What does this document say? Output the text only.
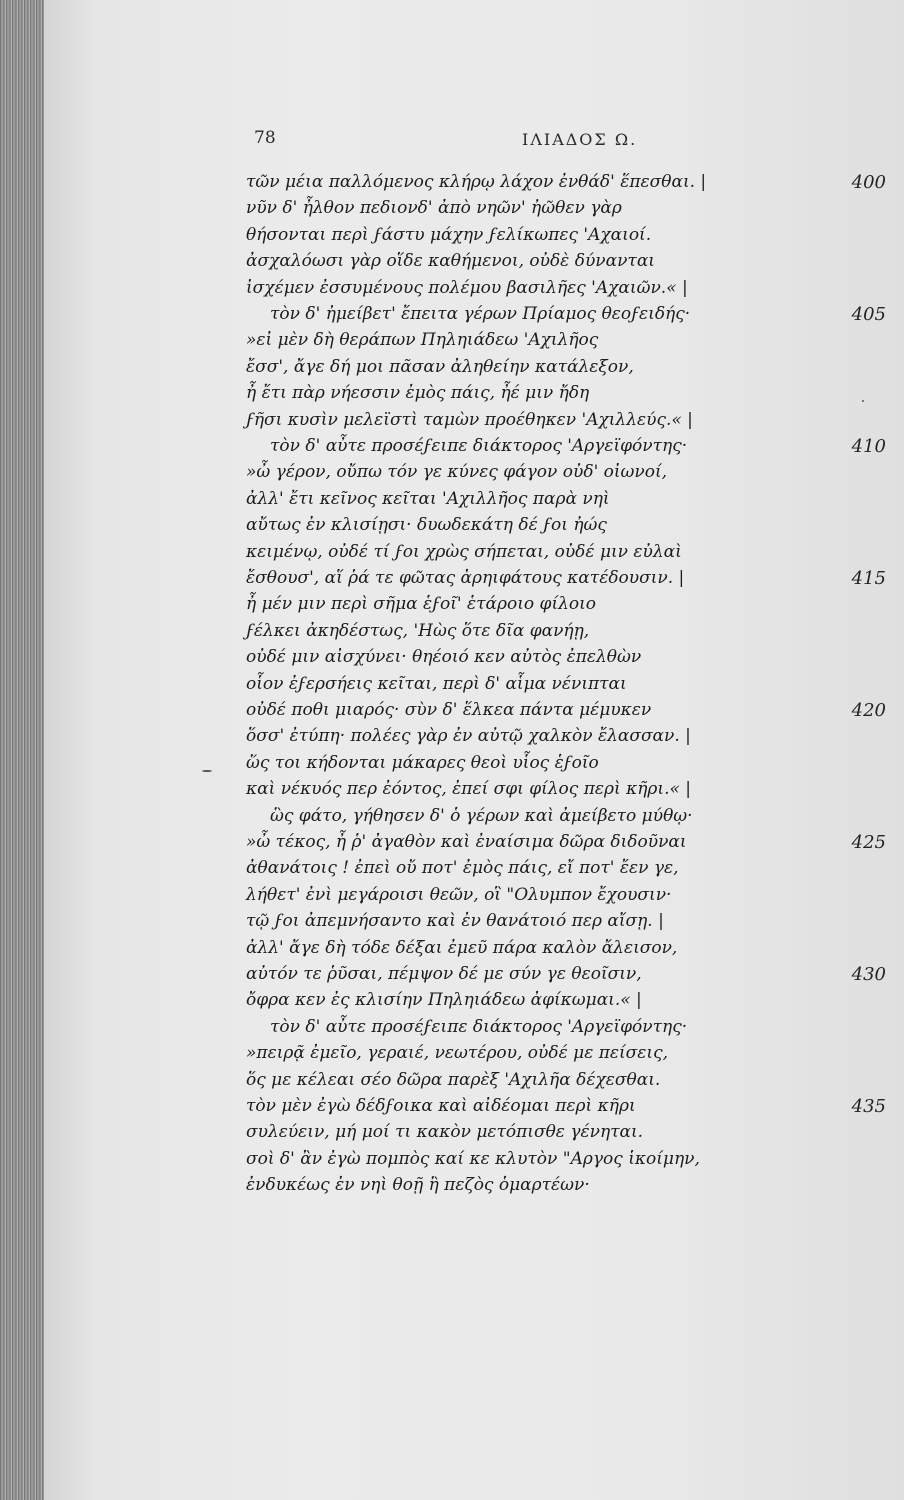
78	ΙΛΙΑΔΟΣ Ω.
τῶν μέια παλλόμενος κλήρῳ λάχον ἐνθάδ' ἕπεσθαι. |	400
νῦν δ' ἦλθον πεδιονδ' ἀπὸ νηῶν' ἠῶθεν γὰρ
θήσονται περὶ ϝάστυ μάχην ϝελίκωπες 'Αχαιοί.
ἀσχαλόωσι γὰρ οἵδε καθήμενοι, οὐδὲ δύνανται
ἰσχέμεν ἐσσυμένους πολέμου βασιλῆες 'Αχαιῶν.« |
τὸν δ' ἠμείβετ' ἔπειτα γέρων Πρίαμος θεοϝειδής·	405
»εἰ μὲν δὴ θεράπων Πηληιάδεω 'Αχιλῆος
ἔσσ', ἄγε δή μοι πᾶσαν ἀληθείην κατάλεξον,
ἦ ἔτι πὰρ νήεσσιν ἐμὸς πάις, ἦέ μιν ἤδη
ϝῆσι κυσὶν μελεϊστὶ ταμὼν προέθηκεν 'Αχιλλεύς.« |
τὸν δ' αὖτε προσέϝειπε διάκτορος 'Αργεϊφόντης·	410
»ὦ γέρον, οὔπω τόν γε κύνες φάγον οὐδ' οἰωνοί,
ἀλλ' ἔτι κεῖνος κεῖται 'Αχιλλῆος παρὰ νηὶ
αὔτως ἐν κλισίῃσι· δυωδεκάτη δέ ϝοι ἠώς
κειμένῳ, οὐδέ τί ϝοι χρὼς σήπεται, οὐδέ μιν εὐλαὶ
ἔσθουσ', αἵ ῥά τε φῶτας ἀρηιφάτους κατέδουσιν. |	415
ἦ μέν μιν περὶ σῆμα ἑϝοῖ' ἑτάροιο φίλοιο
ϝέλκει ἀκηδέστως, 'Ηὼς ὅτε δῖα φανήῃ,
οὐδέ μιν αἰσχύνει· θηέοιό κεν αὐτὸς ἐπελθὼν
οἷον ἐϝερσήεις κεῖται, περὶ δ' αἷμα νένιπται
οὐδέ ποθι μιαρός· σὺν δ' ἕλκεα πάντα μέμυκεν	420
ὅσσ' ἐτύπη· πολέες γὰρ ἐν αὐτῷ χαλκὸν ἔλασσαν. |
ὥς τοι κήδονται μάκαρες θεοὶ υἷος ἑϝοῖο
καὶ νέκυός περ ἐόντος, ἐπεί σφι φίλος περὶ κῆρι.« |
ὣς φάτο, γήθησεν δ' ὁ γέρων καὶ ἀμείβετο μύθῳ·
»ὦ τέκος, ἦ ῥ' ἀγαθὸν καὶ ἐναίσιμα δῶρα διδοῦναι	425
ἀθανάτοις ! ἐπεὶ οὔ ποτ' ἐμὸς πάις, εἴ ποτ' ἔεν γε,
λήθετ' ἐνὶ μεγάροισι θεῶν, οἳ "Ολυμπον ἔχουσιν·
τῷ ϝοι ἀπεμνήσαντο καὶ ἐν θανάτοιό περ αἴσῃ. |
ἀλλ' ἄγε δὴ τόδε δέξαι ἐμεῦ πάρα καλὸν ἄλεισον,
αὐτόν τε ῥῦσαι, πέμψον δέ με σύν γε θεοῖσιν,	430
ὄφρα κεν ἐς κλισίην Πηληιάδεω ἀφίκωμαι.« |
τὸν δ' αὖτε προσέϝειπε διάκτορος 'Αργεϊφόντης·
»πειρᾷ ἐμεῖο, γεραιέ, νεωτέρου, οὐδέ με πείσεις,
ὅς με κέλεαι σέο δῶρα παρὲξ 'Αχιλῆα δέχεσθαι.
τὸν μὲν ἐγὼ δέδϝοικα καὶ αἰδέομαι περὶ κῆρι	435
συλεύειν, μή μοί τι κακὸν μετόπισθε γένηται.
σοὶ δ' ἂν ἐγὼ πομπὸς καί κε κλυτὸν "Αργος ἱκοίμην,
ἐνδυκέως ἐν νηὶ θοῇ ἢ πεζὸς ὁμαρτέων·
